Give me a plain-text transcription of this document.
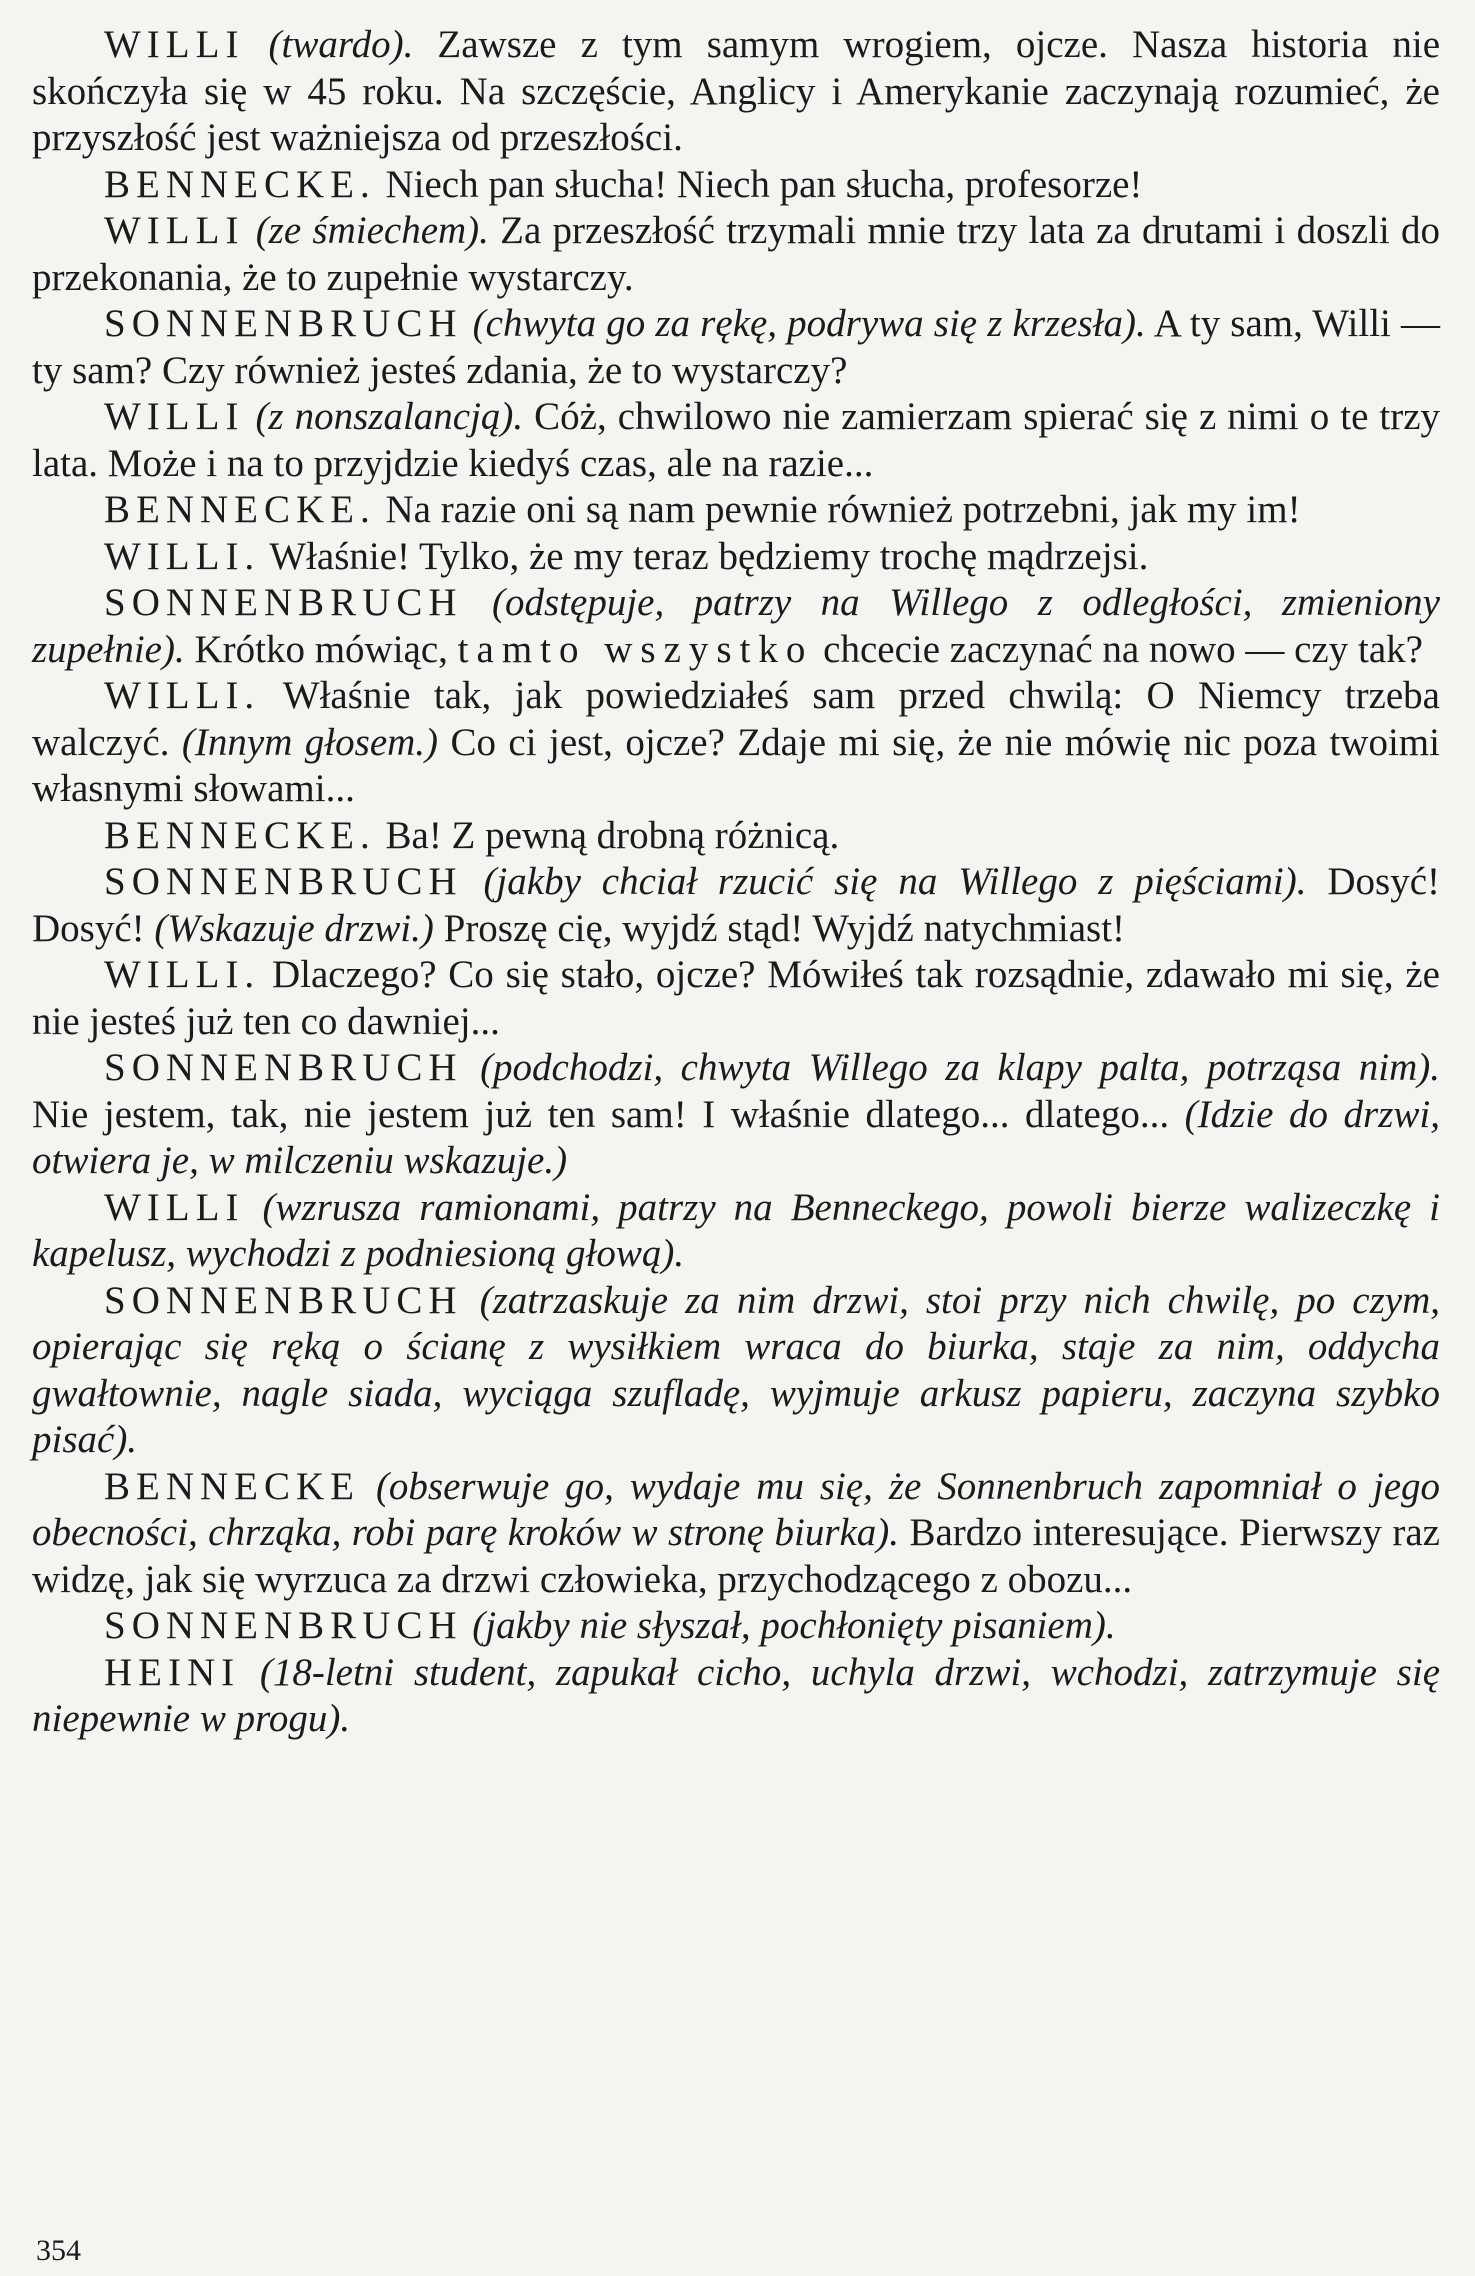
WILLI (twardo). Zawsze z tym samym wrogiem, ojcze. Nasza historia nie skończyła się w 45 roku. Na szczęście, Anglicy i Amerykanie zaczynają rozumieć, że przyszłość jest ważniejsza od przeszłości.

BENNECKE. Niech pan słucha! Niech pan słucha, profesorze!

WILLI (ze śmiechem). Za przeszłość trzymali mnie trzy lata za drutami i doszli do przekonania, że to zupełnie wystarczy.

SONNENBRUCH (chwyta go za rękę, podrywa się z krzesła). A ty sam, Willi — ty sam? Czy również jesteś zdania, że to wystarczy?

WILLI (z nonszalancją). Cóż, chwilowo nie zamierzam spierać się z nimi o te trzy lata. Może i na to przyjdzie kiedyś czas, ale na razie...

BENNECKE. Na razie oni są nam pewnie również potrzebni, jak my im!

WILLI. Właśnie! Tylko, że my teraz będziemy trochę mądrzejsi.

SONNENBRUCH (odstępuje, patrzy na Willego z odległości, zmieniony zupełnie). Krótko mówiąc, tamto wszystko chcecie zaczynać na nowo — czy tak?

WILLI. Właśnie tak, jak powiedziałeś sam przed chwilą: O Niemcy trzeba walczyć. (Innym głosem.) Co ci jest, ojcze? Zdaje mi się, że nie mówię nic poza twoimi własnymi słowami...

BENNECKE. Ba! Z pewną drobną różnicą.

SONNENBRUCH (jakby chciał rzucić się na Willego z pięściami). Dosyć! Dosyć! (Wskazuje drzwi.) Proszę cię, wyjdź stąd! Wyjdź natychmiast!

WILLI. Dlaczego? Co się stało, ojcze? Mówiłeś tak rozsądnie, zdawało mi się, że nie jesteś już ten co dawniej...

SONNENBRUCH (podchodzi, chwyta Willego za klapy palta, potrząsa nim). Nie jestem, tak, nie jestem już ten sam! I właśnie dlatego... dlatego... (Idzie do drzwi, otwiera je, w milczeniu wskazuje.)

WILLI (wzrusza ramionami, patrzy na Benneckego, powoli bierze walizeczkę i kapelusz, wychodzi z podniesioną głową).

SONNENBRUCH (zatrzaskuje za nim drzwi, stoi przy nich chwilę, po czym, opierając się ręką o ścianę z wysiłkiem wraca do biurka, staje za nim, oddycha gwałtownie, nagle siada, wyciąga szufladę, wyjmuje arkusz papieru, zaczyna szybko pisać).

BENNECKE (obserwuje go, wydaje mu się, że Sonnenbruch zapomniał o jego obecności, chrząka, robi parę kroków w stronę biurka). Bardzo interesujące. Pierwszy raz widzę, jak się wyrzuca za drzwi człowieka, przychodzącego z obozu...

SONNENBRUCH (jakby nie słyszał, pochłonięty pisaniem).

HEINI (18-letni student, zapukał cicho, uchyla drzwi, wchodzi, zatrzymuje się niepewnie w progu).

354
